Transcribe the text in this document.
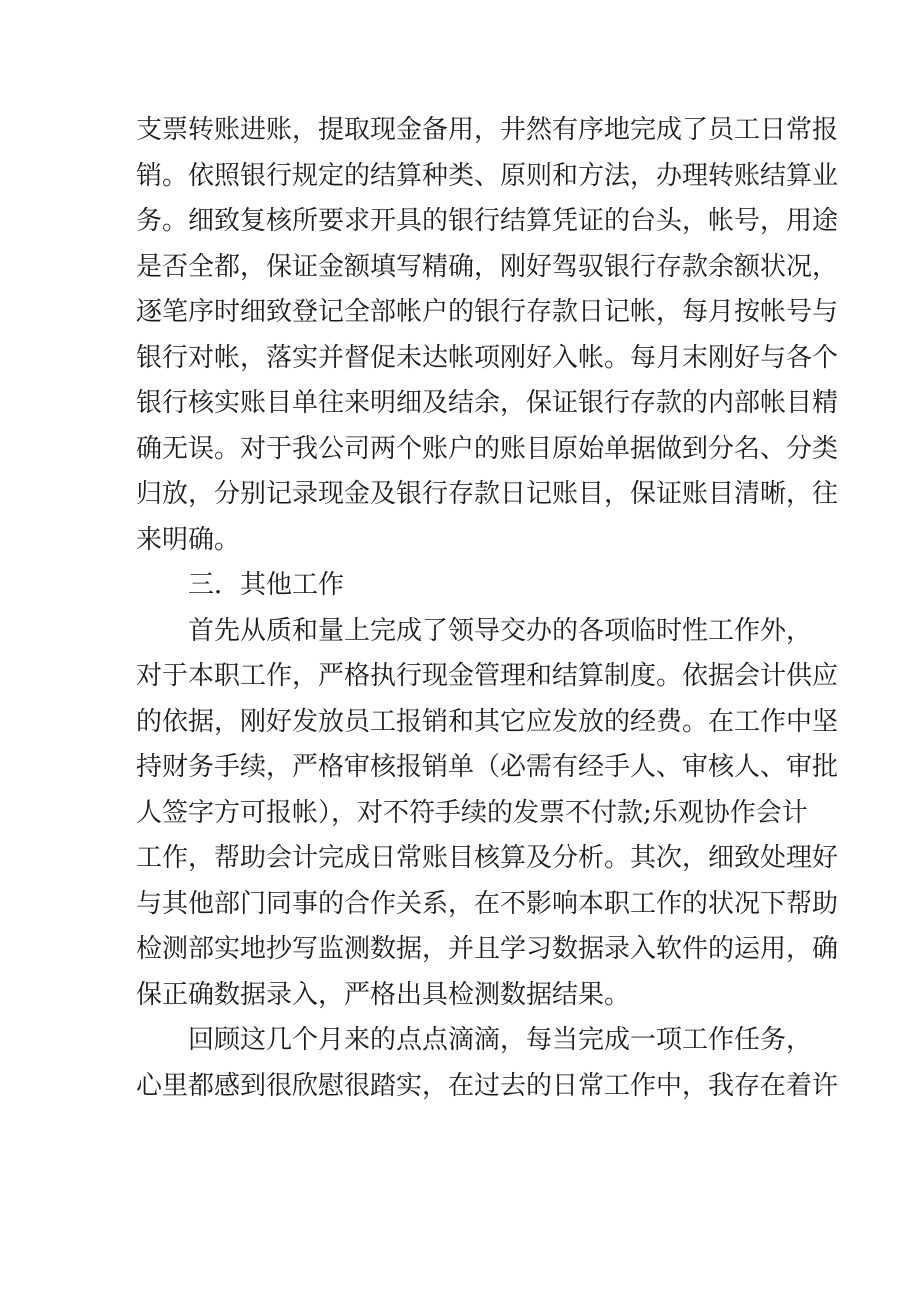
支票转账进账，提取现金备用，井然有序地完成了员工日常报
销。依照银行规定的结算种类、原则和方法，办理转账结算业
务。细致复核所要求开具的银行结算凭证的台头，帐号，用途
是否全都，保证金额填写精确，刚好驾驭银行存款余额状况，
逐笔序时细致登记全部帐户的银行存款日记帐，每月按帐号与
银行对帐，落实并督促未达帐项刚好入帐。每月末刚好与各个
银行核实账目单往来明细及结余，保证银行存款的内部帐目精
确无误。对于我公司两个账户的账目原始单据做到分名、分类
归放，分别记录现金及银行存款日记账目，保证账目清晰，往
来明确。
三．其他工作
首先从质和量上完成了领导交办的各项临时性工作外，
对于本职工作，严格执行现金管理和结算制度。依据会计供应
的依据，刚好发放员工报销和其它应发放的经费。在工作中坚
持财务手续，严格审核报销单（必需有经手人、审核人、审批
人签字方可报帐），对不符手续的发票不付款;乐观协作会计
工作，帮助会计完成日常账目核算及分析。其次，细致处理好
与其他部门同事的合作关系，在不影响本职工作的状况下帮助
检测部实地抄写监测数据，并且学习数据录入软件的运用，确
保正确数据录入，严格出具检测数据结果。
回顾这几个月来的点点滴滴，每当完成一项工作任务，
心里都感到很欣慰很踏实，在过去的日常工作中，我存在着许
